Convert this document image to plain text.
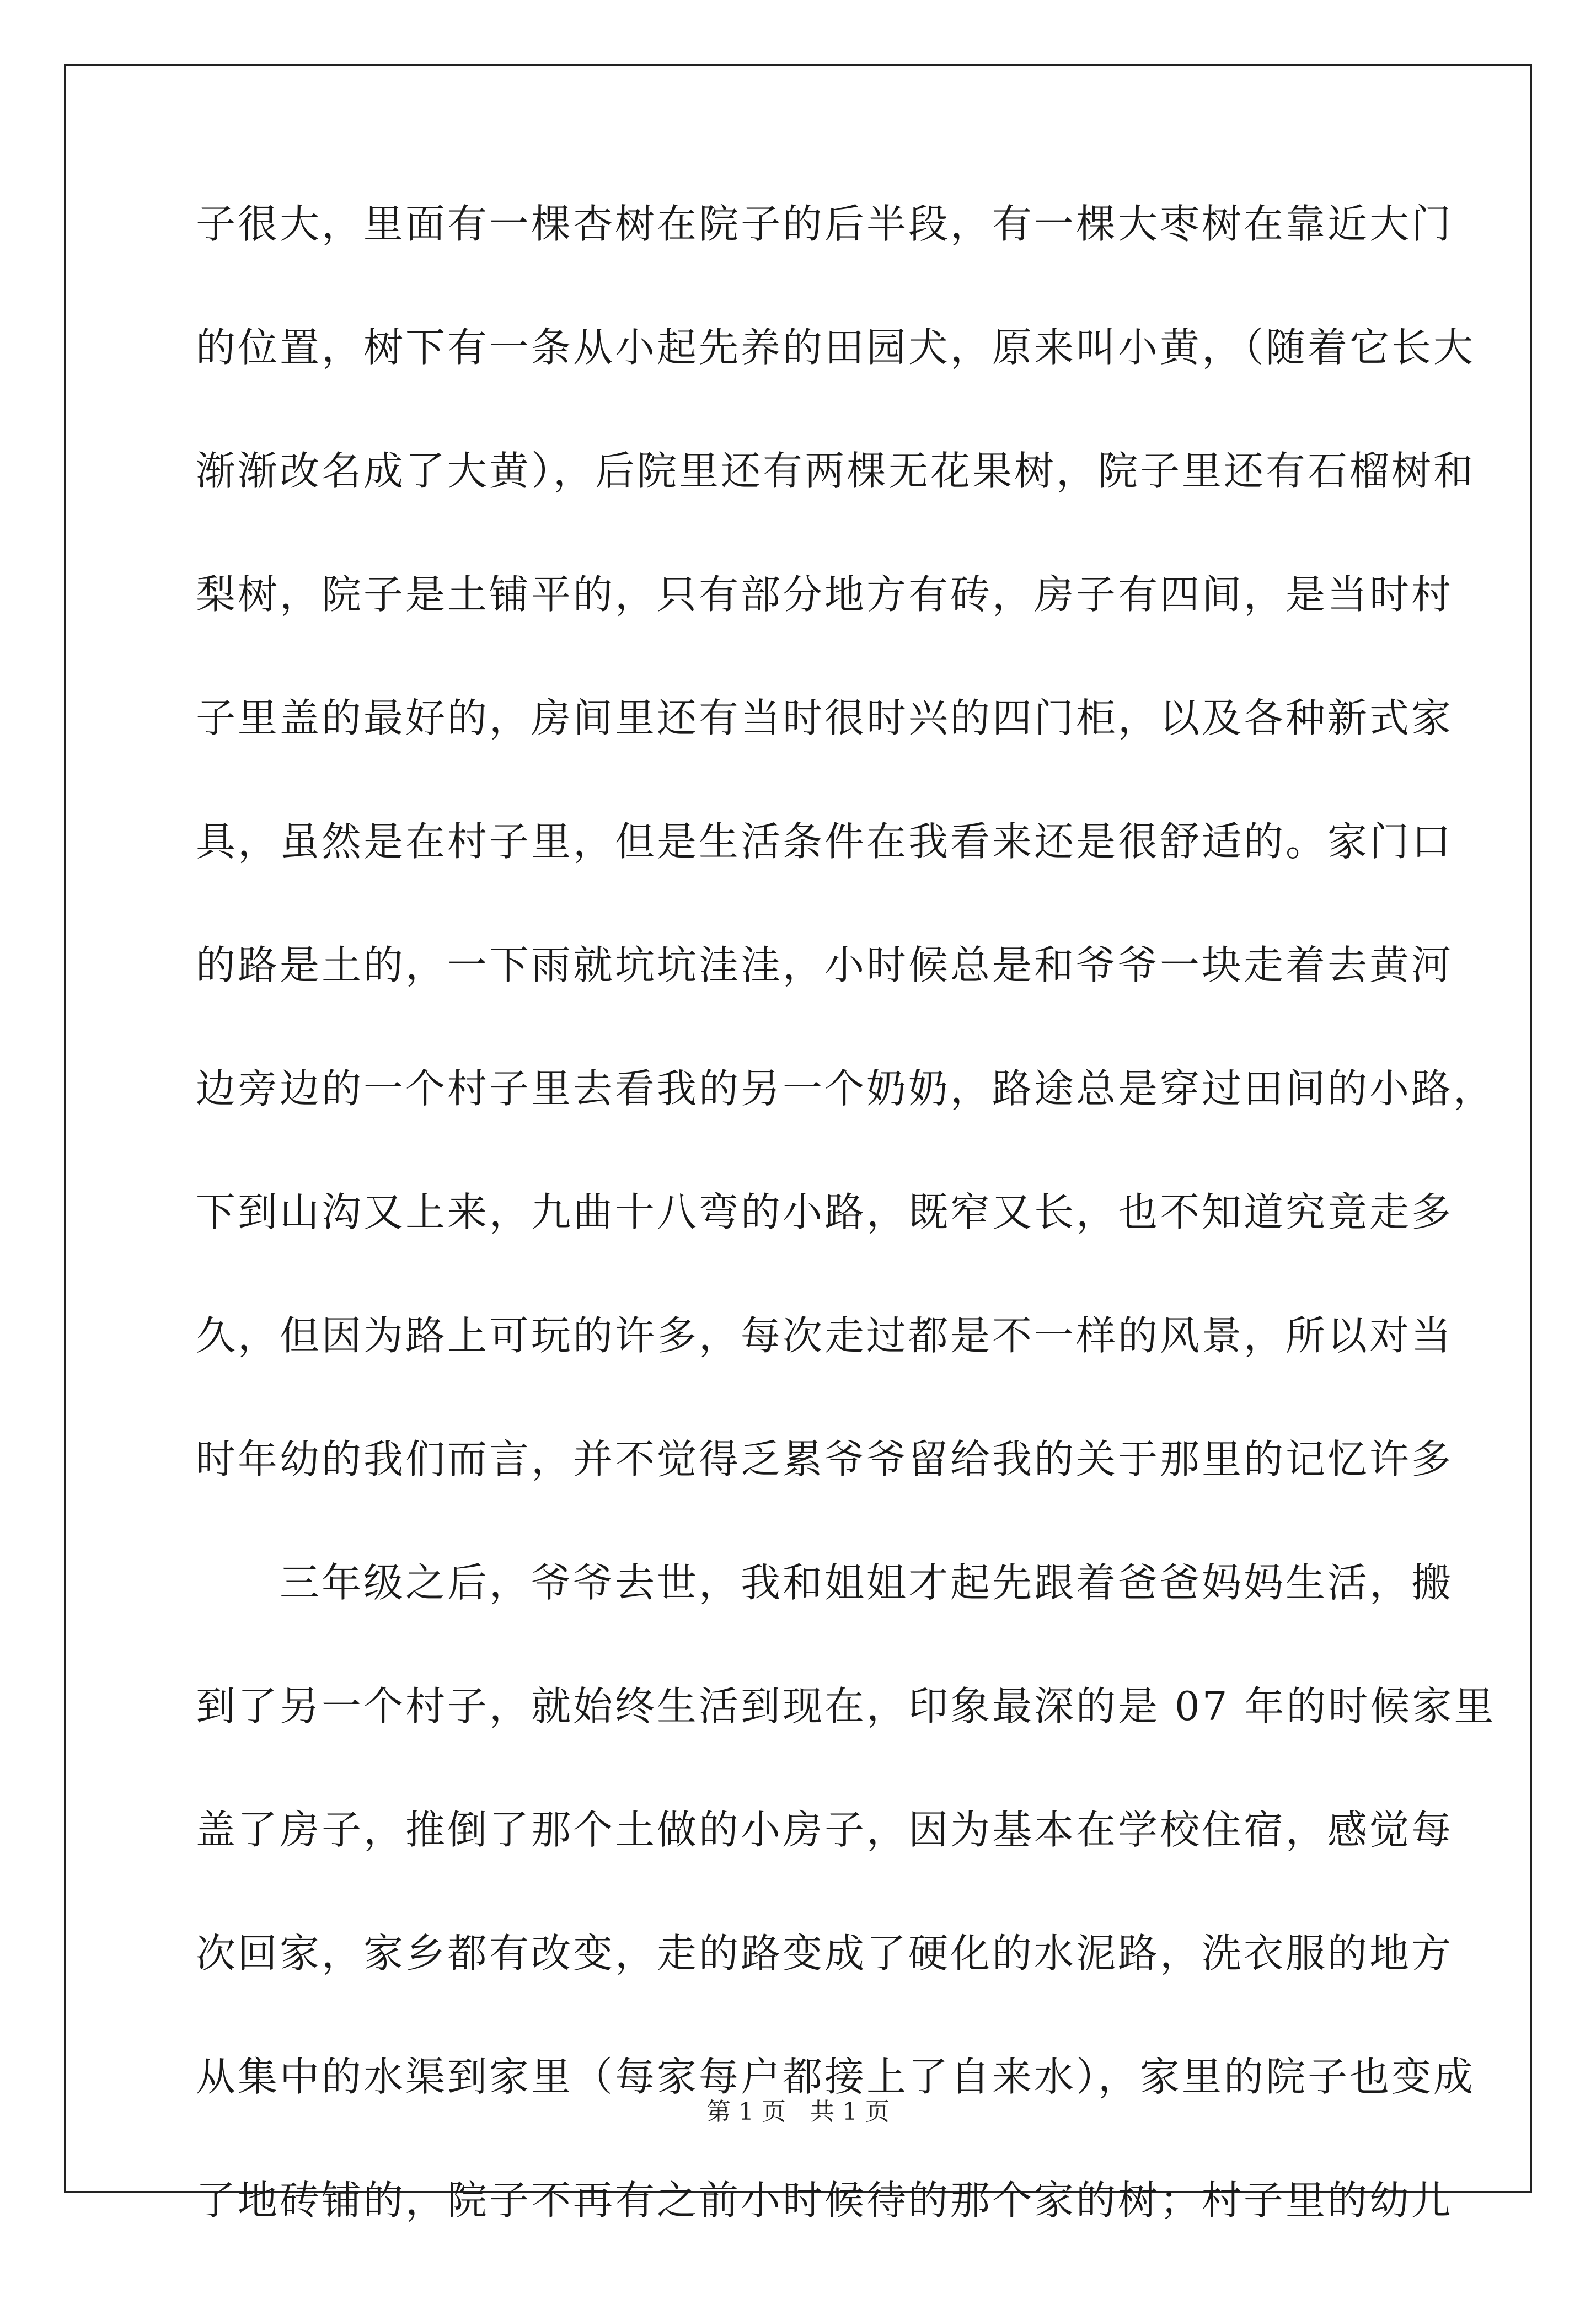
子很大，里面有一棵杏树在院子的后半段，有一棵大枣树在靠近大门
的位置，树下有一条从小起先养的田园犬，原来叫小黄，（随着它长大
渐渐改名成了大黄），后院里还有两棵无花果树，院子里还有石榴树和
梨树，院子是土铺平的，只有部分地方有砖，房子有四间，是当时村
子里盖的最好的，房间里还有当时很时兴的四门柜，以及各种新式家
具，虽然是在村子里，但是生活条件在我看来还是很舒适的。家门口
的路是土的，一下雨就坑坑洼洼，小时候总是和爷爷一块走着去黄河
边旁边的一个村子里去看我的另一个奶奶，路途总是穿过田间的小路，
下到山沟又上来，九曲十八弯的小路，既窄又长，也不知道究竟走多
久，但因为路上可玩的许多，每次走过都是不一样的风景，所以对当
时年幼的我们而言，并不觉得乏累爷爷留给我的关于那里的记忆许多
　　三年级之后，爷爷去世，我和姐姐才起先跟着爸爸妈妈生活，搬
到了另一个村子，就始终生活到现在，印象最深的是 07 年的时候家里
盖了房子，推倒了那个土做的小房子，因为基本在学校住宿，感觉每
次回家，家乡都有改变，走的路变成了硬化的水泥路，洗衣服的地方
从集中的水渠到家里（每家每户都接上了自来水），家里的院子也变成
了地砖铺的，院子不再有之前小时候待的那个家的树；村子里的幼儿
第 1 页　共 1 页
